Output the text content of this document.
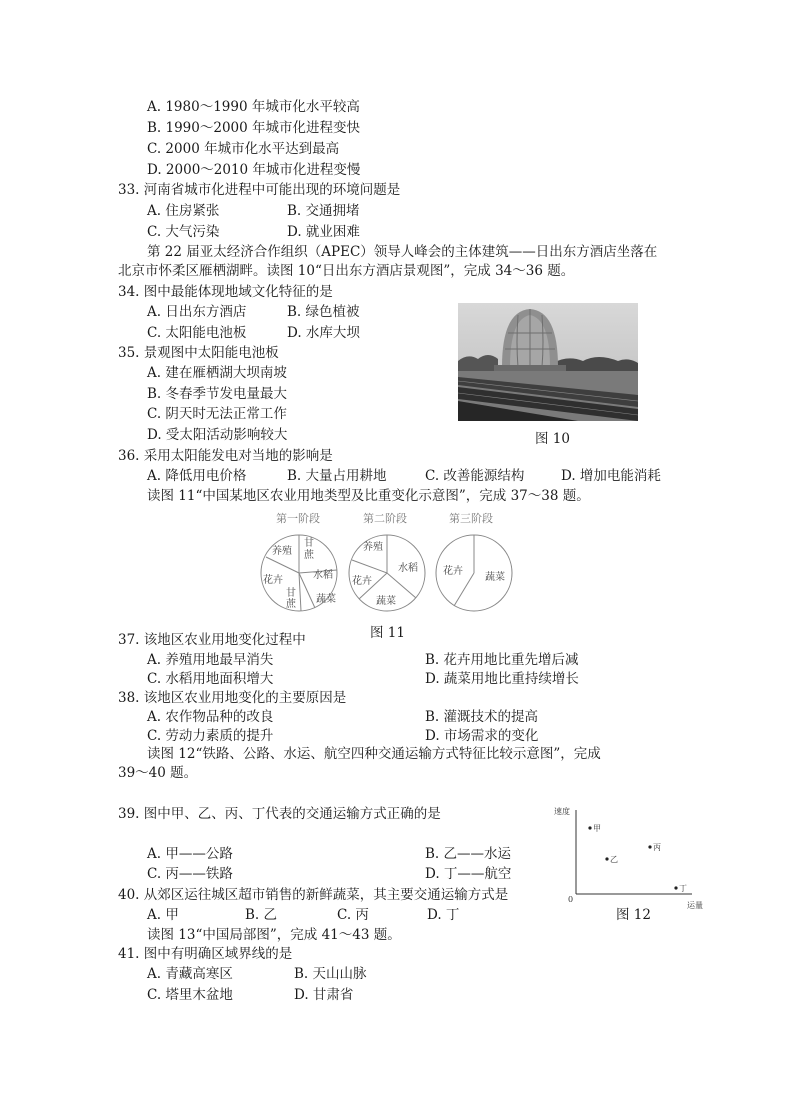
A. 1980～1990 年城市化水平较高
B. 1990～2000 年城市化进程变快
C. 2000 年城市化水平达到最高
D. 2000～2010 年城市化进程变慢
33. 河南省城市化进程中可能出现的环境问题是
A. 住房紧张	B. 交通拥堵
C. 大气污染	D. 就业困难
第 22 届亚太经济合作组织（APEC）领导人峰会的主体建筑——日出东方酒店坐落在
北京市怀柔区雁栖湖畔。读图 10“日出东方酒店景观图”，完成 34～36 题。
34. 图中最能体现地域文化特征的是
A. 日出东方酒店	B. 绿色植被
C. 太阳能电池板	D. 水库大坝
35. 景观图中太阳能电池板
A. 建在雁栖湖大坝南坡
B. 冬春季节发电量最大
C. 阴天时无法正常工作
D. 受太阳活动影响较大	图 10
36. 采用太阳能发电对当地的影响是
A. 降低用电价格	B. 大量占用耕地	C. 改善能源结构	D. 增加电能消耗
读图 11“中国某地区农业用地类型及比重变化示意图”，完成 37～38 题。
第一阶段	第二阶段	第三阶段
养殖
甘
蔗
水稻
花卉
甘
蔗 蔬菜
养殖
水稻
花卉
蔬菜
花卉
蔬菜
图 11
37. 该地区农业用地变化过程中
A. 养殖用地最早消失	B. 花卉用地比重先增后减
C. 水稻用地面积增大	D. 蔬菜用地比重持续增长
38. 该地区农业用地变化的主要原因是
A. 农作物品种的改良	B. 灌溉技术的提高
C. 劳动力素质的提升	D. 市场需求的变化
读图 12“铁路、公路、水运、航空四种交通运输方式特征比较示意图”，完成
39～40 题。
39. 图中甲、乙、丙、丁代表的交通运输方式正确的是
A. 甲——公路	B. 乙——水运
C. 丙——铁路	D. 丁——航空
速度
运量
0
甲
乙
丙
丁
图 12
40. 从郊区运往城区超市销售的新鲜蔬菜，其主要交通运输方式是
A. 甲	B. 乙	C. 丙	D. 丁
读图 13“中国局部图”，完成 41～43 题。
41. 图中有明确区域界线的是
A. 青藏高寒区	B. 天山山脉
C. 塔里木盆地	D. 甘肃省
